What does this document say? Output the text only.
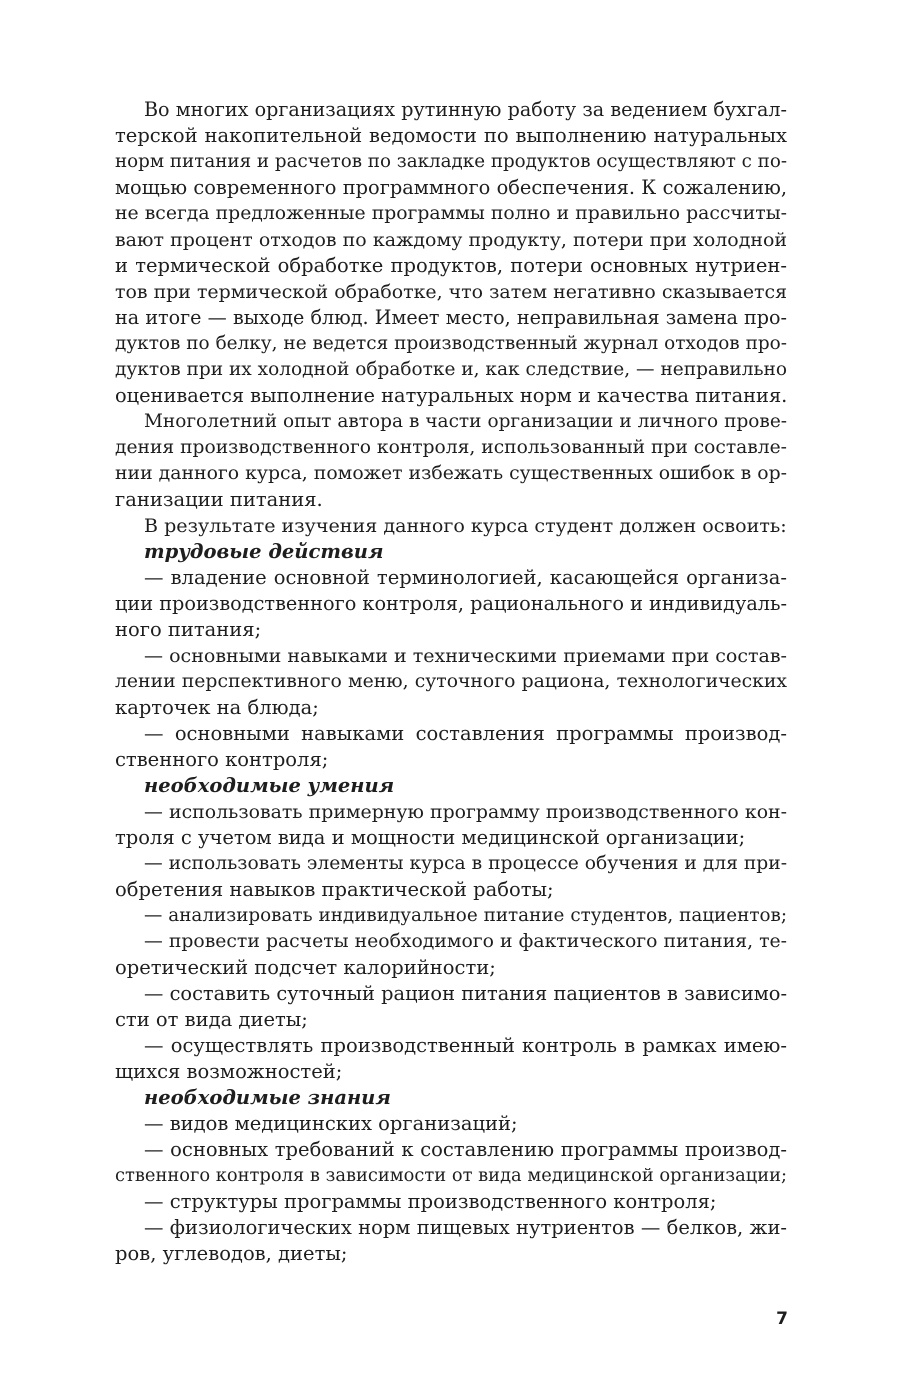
Во многих организациях рутинную работу за ведением бухгал-
терской накопительной ведомости по выполнению натуральных
норм питания и расчетов по закладке продуктов осуществляют с по-
мощью современного программного обеспечения. К сожалению,
не всегда предложенные программы полно и правильно рассчиты-
вают процент отходов по каждому продукту, потери при холодной
и термической обработке продуктов, потери основных нутриен-
тов при термической обработке, что затем негативно сказывается
на итоге — выходе блюд. Имеет место, неправильная замена про-
дуктов по белку, не ведется производственный журнал отходов про-
дуктов при их холодной обработке и, как следствие, — неправильно
оценивается выполнение натуральных норм и качества питания.
Многолетний опыт автора в части организации и личного прове-
дения производственного контроля, использованный при составле-
нии данного курса, поможет избежать существенных ошибок в ор-
ганизации питания.
В результате изучения данного курса студент должен освоить:
трудовые действия
— владение основной терминологией, касающейся организа-
ции производственного контроля, рационального и индивидуаль-
ного питания;
— основными навыками и техническими приемами при состав-
лении перспективного меню, суточного рациона, технологических
карточек на блюда;
— основными навыками составления программы производ-
ственного контроля;
необходимые умения
— использовать примерную программу производственного кон-
троля с учетом вида и мощности медицинской организации;
— использовать элементы курса в процессе обучения и для при-
обретения навыков практической работы;
— анализировать индивидуальное питание студентов, пациентов;
— провести расчеты необходимого и фактического питания, те-
оретический подсчет калорийности;
— составить суточный рацион питания пациентов в зависимо-
сти от вида диеты;
— осуществлять производственный контроль в рамках имею-
щихся возможностей;
необходимые знания
— видов медицинских организаций;
— основных требований к составлению программы производ-
ственного контроля в зависимости от вида медицинской организации;
— структуры программы производственного контроля;
— физиологических норм пищевых нутриентов — белков, жи-
ров, углеводов, диеты;
7
